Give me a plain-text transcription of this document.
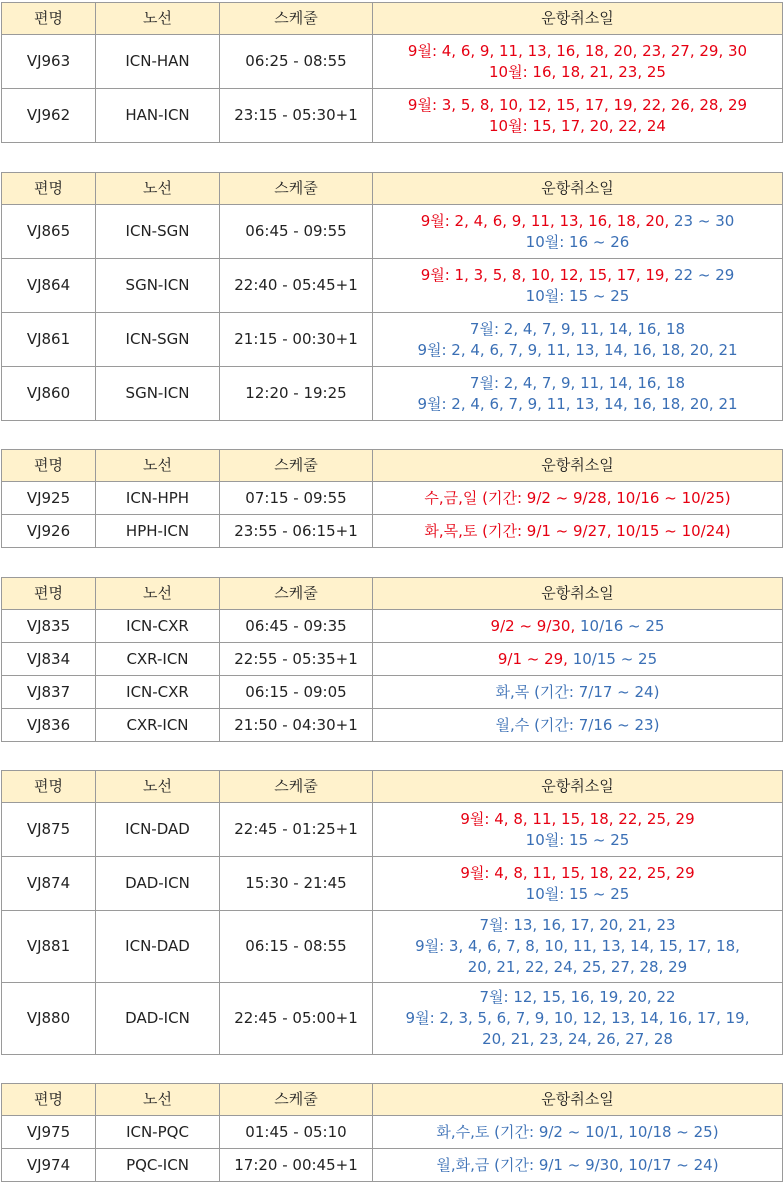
편명	노선	스케줄	운항취소일
VJ963	ICN-HAN	06:25 - 08:55	9월: 4, 6, 9, 11, 13, 16, 18, 20, 23, 27, 29, 30
10월: 16, 18, 21, 23, 25

VJ962	HAN-ICN	23:15 - 05:30+1	9월: 3, 5, 8, 10, 12, 15, 17, 19, 22, 26, 28, 29
10월: 15, 17, 20, 22, 24
편명	노선	스케줄	운항취소일
VJ865	ICN-SGN	06:45 - 09:55	9월: 2, 4, 6, 9, 11, 13, 16, 18, 20, 23 ~ 30
10월: 16 ~ 26

VJ864	SGN-ICN	22:40 - 05:45+1	9월: 1, 3, 5, 8, 10, 12, 15, 17, 19, 22 ~ 29
10월: 15 ~ 25

VJ861	ICN-SGN	21:15 - 00:30+1	7월: 2, 4, 7, 9, 11, 14, 16, 18
9월: 2, 4, 6, 7, 9, 11, 13, 14, 16, 18, 20, 21

VJ860	SGN-ICN	12:20 - 19:25	7월: 2, 4, 7, 9, 11, 14, 16, 18
9월: 2, 4, 6, 7, 9, 11, 13, 14, 16, 18, 20, 21
편명	노선	스케줄	운항취소일
VJ925	ICN-HPH	07:15 - 09:55	수,금,일 (기간: 9/2 ~ 9/28, 10/16 ~ 10/25)

VJ926	HPH-ICN	23:55 - 06:15+1	화,목,토 (기간: 9/1 ~ 9/27, 10/15 ~ 10/24)
편명	노선	스케줄	운항취소일
VJ835	ICN-CXR	06:45 - 09:35	9/2 ~ 9/30, 10/16 ~ 25

VJ834	CXR-ICN	22:55 - 05:35+1	9/1 ~ 29, 10/15 ~ 25

VJ837	ICN-CXR	06:15 - 09:05	화,목 (기간: 7/17 ~ 24)

VJ836	CXR-ICN	21:50 - 04:30+1	월,수 (기간: 7/16 ~ 23)
편명	노선	스케줄	운항취소일
VJ875	ICN-DAD	22:45 - 01:25+1	9월: 4, 8, 11, 15, 18, 22, 25, 29
10월: 15 ~ 25

VJ874	DAD-ICN	15:30 - 21:45	9월: 4, 8, 11, 15, 18, 22, 25, 29
10월: 15 ~ 25

VJ881	ICN-DAD	06:15 - 08:55	7월: 13, 16, 17, 20, 21, 23
9월: 3, 4, 6, 7, 8, 10, 11, 13, 14, 15, 17, 18,
20, 21, 22, 24, 25, 27, 28, 29

VJ880	DAD-ICN	22:45 - 05:00+1	7월: 12, 15, 16, 19, 20, 22
9월: 2, 3, 5, 6, 7, 9, 10, 12, 13, 14, 16, 17, 19,
20, 21, 23, 24, 26, 27, 28
편명	노선	스케줄	운항취소일
VJ975	ICN-PQC	01:45 - 05:10	화,수,토 (기간: 9/2 ~ 10/1, 10/18 ~ 25)

VJ974	PQC-ICN	17:20 - 00:45+1	월,화,금 (기간: 9/1 ~ 9/30, 10/17 ~ 24)
